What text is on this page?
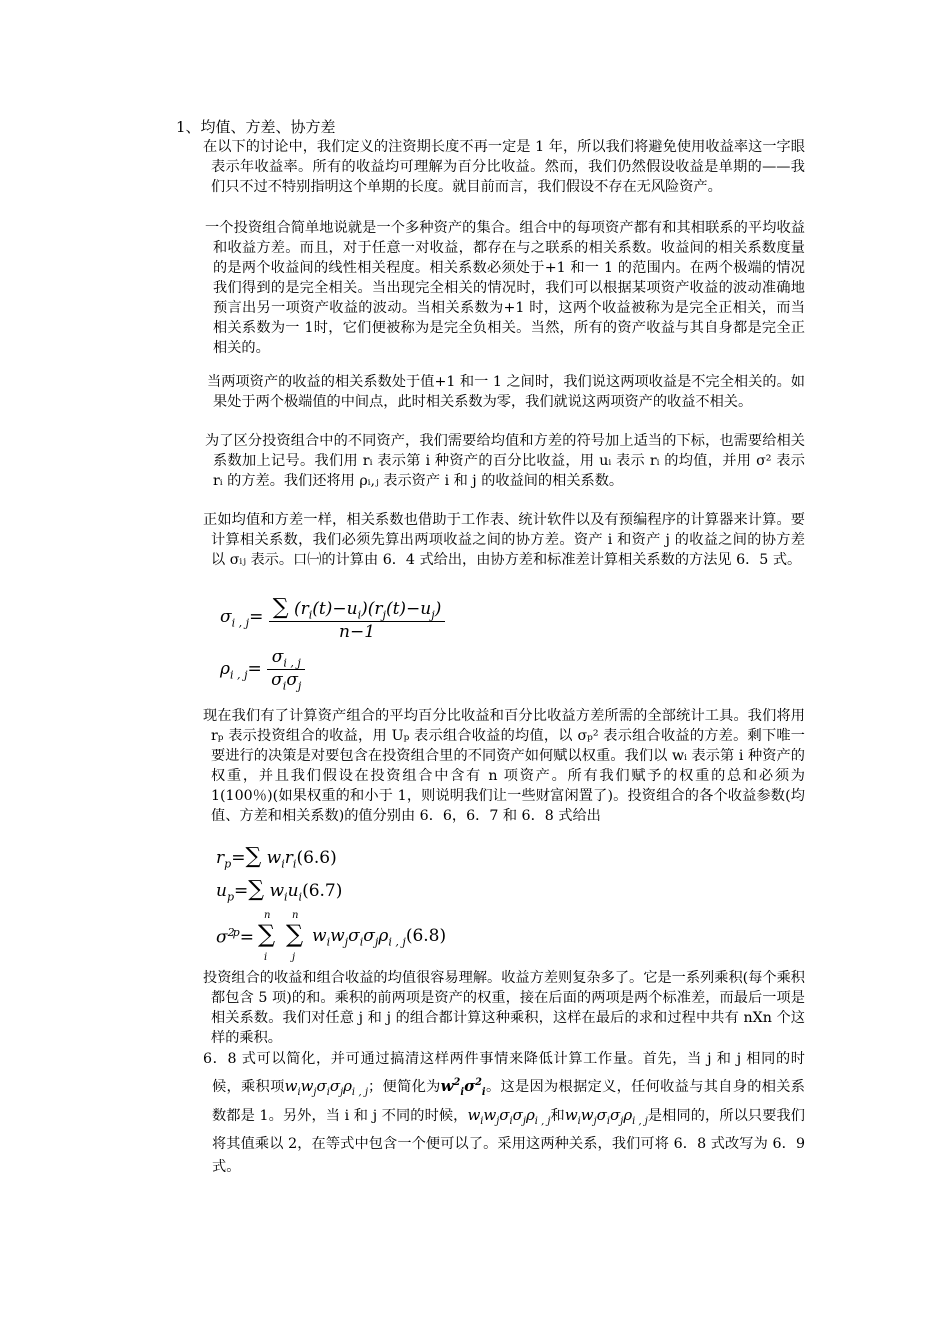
1、均值、方差、协方差

在以下的讨论中，我们定义的注资期长度不再一定是 1 年，所以我们将避免使用收益率这一字眼表示年收益率。所有的收益均可理解为百分比收益。然而，我们仍然假设收益是单期的——我们只不过不特别指明这个单期的长度。就目前而言，我们假设不存在无风险资产。

一个投资组合简单地说就是一个多种资产的集合。组合中的每项资产都有和其相联系的平均收益和收益方差。而且，对于任意一对收益，都存在与之联系的相关系数。收益间的相关系数度量的是两个收益间的线性相关程度。相关系数必须处于+1 和一 1 的范围内。在两个极端的情况我们得到的是完全相关。当出现完全相关的情况时，我们可以根据某项资产收益的波动准确地预言出另一项资产收益的波动。当相关系数为+1 时，这两个收益被称为是完全正相关，而当相关系数为一 1时，它们便被称为是完全负相关。当然，所有的资产收益与其自身都是完全正相关的。

当两项资产的收益的相关系数处于值+1 和一 1 之间时，我们说这两项收益是不完全相关的。如果处于两个极端值的中间点，此时相关系数为零，我们就说这两项资产的收益不相关。

为了区分投资组合中的不同资产，我们需要给均值和方差的符号加上适当的下标，也需要给相关系数加上记号。我们用 rᵢ 表示第 i 种资产的百分比收益，用 uᵢ 表示 rᵢ 的均值，并用 σ² 表示 rᵢ 的方差。我们还将用 ρᵢ,ⱼ 表示资产 i 和 j 的收益间的相关系数。

正如均值和方差一样，相关系数也借助于工作表、统计软件以及有预编程序的计算器来计算。要计算相关系数，我们必须先算出两项收益之间的协方差。资产 i 和资产 j 的收益之间的协方差以 σᵢⱼ 表示。口㈠的计算由 6．4 式给出，由协方差和标准差计算相关系数的方法见 6．5 式。

$\sigma_{i , j}= \frac{\sum (r_i(t)-u_i)(r_j(t)-u_j)}{n-1}$
$\rho_{i , j}= \frac{\sigma_{i , j}}{\sigma_i\sigma_j}$

现在我们有了计算资产组合的平均百分比收益和百分比收益方差所需的全部统计工具。我们将用 rₚ 表示投资组合的收益，用 Uₚ 表示组合收益的均值，以 σₚ² 表示组合收益的方差。剩下唯一要进行的决策是对要包含在投资组合里的不同资产如何赋以权重。我们以 wᵢ 表示第 i 种资产的权重，并且我们假设在投资组合中含有 n 项资产。所有我们赋予的权重的总和必须为 1(100％)(如果权重的和小于 1，则说明我们让一些财富闲置了)。投资组合的各个收益参数(均值、方差和相关系数)的值分别由 6．6，6．7 和 6．8 式给出

$r_p=\sum$ $w_ir_i(6.6)$
$u_p=\sum$ $w_iu_i(6.7)$
$\sigma^{2p}=$
n
∑
i
n
∑
j
$w_iw_j\sigma_i\sigma_j\rho_{i , j}(6.8)$

投资组合的收益和组合收益的均值很容易理解。收益方差则复杂多了。它是一系列乘积(每个乘积都包含 5 项)的和。乘积的前两项是资产的权重，接在后面的两项是两个标准差，而最后一项是相关系数。我们对任意 j 和 j 的组合都计算这种乘积，这样在最后的求和过程中共有 nXn 个这样的乘积。

6．8 式可以简化，并可通过搞清这样两件事情来降低计算工作量。首先，当 j 和 j 相同的时候，乘积项$w_iw_j\sigma_i\sigma_j\rho_{i , j}$；便简化为$w^2_i\sigma^2_i$。这是因为根据定义，任何收益与其自身的相关系数都是 1。另外，当 i 和 j 不同的时候，$w_iw_j\sigma_i\sigma_j\rho_{i , j}$和$w_iw_j\sigma_i\sigma_j\rho_{i , j}$是相同的，所以只要我们将其值乘以 2，在等式中包含一个便可以了。采用这两种关系，我们可将 6．8 式改写为 6．9 式。
